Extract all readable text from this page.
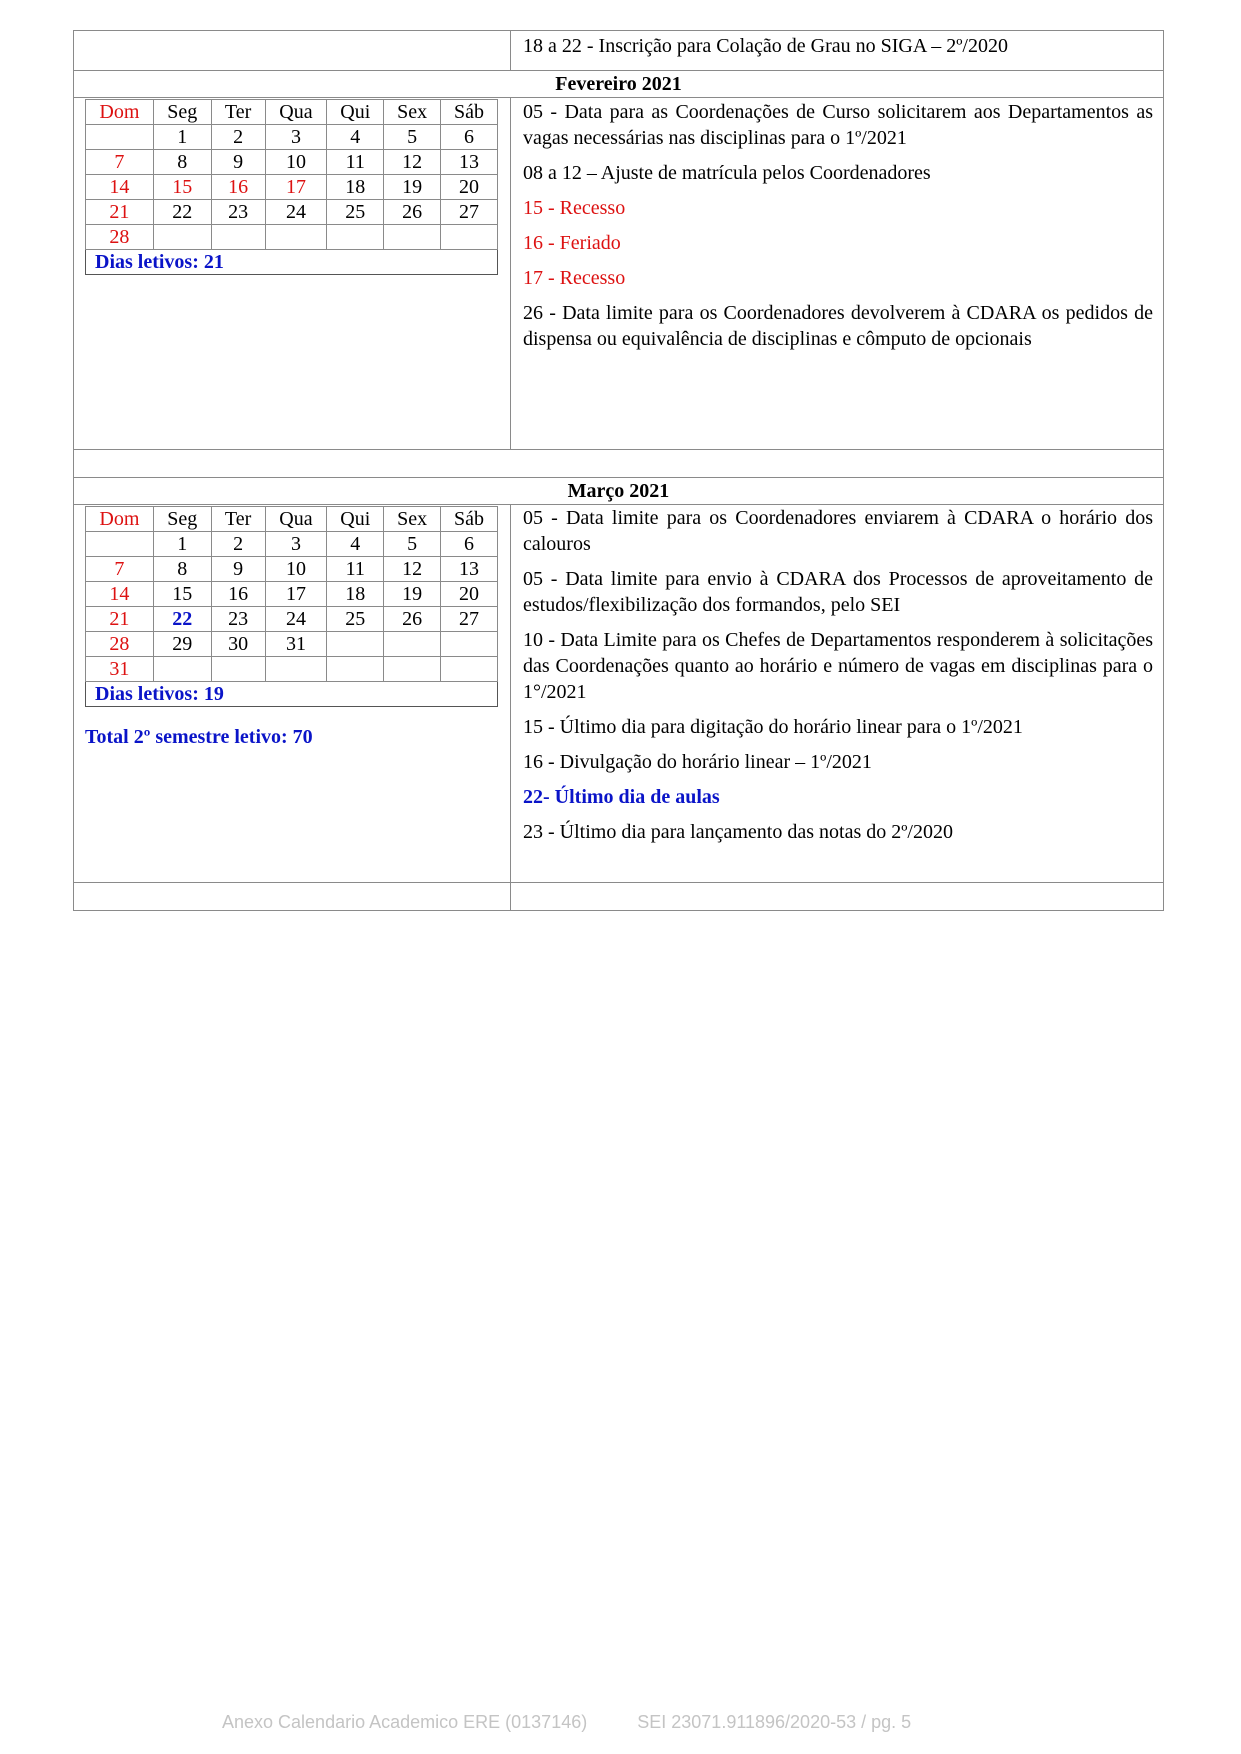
18 a 22 - Inscrição para Colação de Grau no SIGA – 2º/2020
Fevereiro 2021
Dom	Seg	Ter	Qua	Qui	Sex	Sáb
	1	2	3	4	5	6
7	8	9	10	11	12	13
14	15	16	17	18	19	20
21	22	23	24	25	26	27
28						
Dias letivos: 21						

05 - Data para as Coordenações de Curso solicitarem aos Departamentos as vagas necessárias nas disciplinas para o 1º/2021

08 a 12 – Ajuste de matrícula pelos Coordenadores

15 - Recesso

16 - Feriado

17 - Recesso

26 - Data limite para os Coordenadores devolverem à CDARA os pedidos de dispensa ou equivalência de disciplinas e cômputo de opcionais

Março 2021
Dom	Seg	Ter	Qua	Qui	Sex	Sáb
	1	2	3	4	5	6
7	8	9	10	11	12	13
14	15	16	17	18	19	20
21	22	23	24	25	26	27
28	29	30	31			
31						
Dias letivos: 19						
Total 2º semestre letivo: 70

05 - Data limite para os Coordenadores enviarem à CDARA o horário dos calouros

05 - Data limite para envio à CDARA dos Processos de aproveitamento de estudos/flexibilização dos formandos, pelo SEI

10 - Data Limite para os Chefes de Departamentos responderem à solicitações das Coordenações quanto ao horário e número de vagas em disciplinas para o 1°/2021

15 - Último dia para digitação do horário linear para o 1º/2021

16 - Divulgação do horário linear – 1º/2021

22- Último dia de aulas

23 - Último dia para lançamento das notas do 2º/2020

Anexo Calendario Academico ERE (0137146)	SEI 23071.911896/2020-53 / pg. 5
